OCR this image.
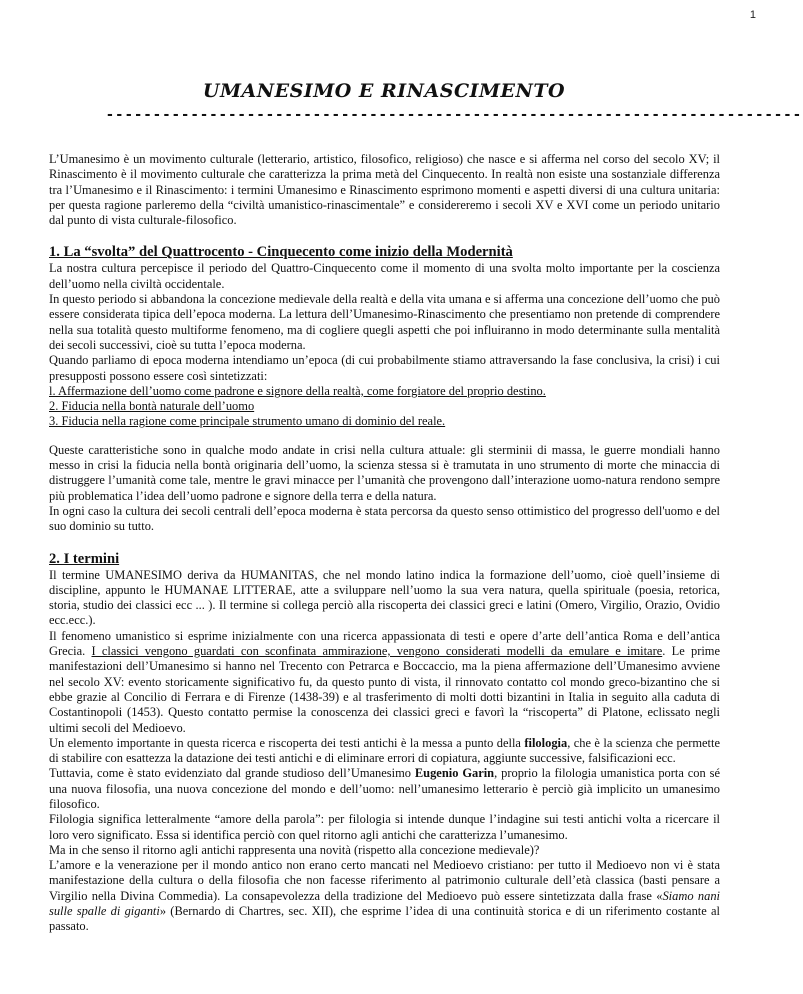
1
UMANESIMO E RINASCIMENTO
--------------------------------------------------------------------------

L’Umanesimo è un movimento culturale (letterario, artistico, filosofico, religioso) che nasce e si afferma nel corso del secolo XV; il Rinascimento è il movimento culturale che caratterizza la prima metà del Cinquecento. In realtà non esiste una sostanziale differenza tra l’Umanesimo e il Rinascimento: i termini Umanesimo e Rinascimento esprimono momenti e aspetti diversi di una cultura unitaria: per questa ragione parleremo della “civiltà umanistico-rinascimentale” e considereremo i secoli XV e XVI come un periodo unitario dal punto di vista culturale-filosofico.

1. La “svolta” del Quattrocento - Cinquecento come inizio della Modernità

La nostra cultura percepisce il periodo del Quattro-Cinquecento come il momento di una svolta molto importante per la coscienza dell’uomo nella civiltà occidentale.

In questo periodo si abbandona la concezione medievale della realtà e della vita umana e si afferma una concezione dell’uomo che può essere considerata tipica dell’epoca moderna. La lettura dell’Umanesimo-Rinascimento che presentiamo non pretende di comprendere nella sua totalità questo multiforme fenomeno, ma di cogliere quegli aspetti che poi influiranno in modo determinante sulla mentalità dei secoli successivi, cioè su tutta l’epoca moderna.

Quando parliamo di epoca moderna intendiamo un’epoca (di cui probabilmente stiamo attraversando la fase conclusiva, la crisi) i cui presupposti possono essere così sintetizzati:

l. Affermazione dell’uomo come padrone e signore della realtà, come forgiatore del proprio destino.

2. Fiducia nella bontà naturale dell’uomo

3. Fiducia nella ragione come principale strumento umano di dominio del reale.

Queste caratteristiche sono in qualche modo andate in crisi nella cultura attuale: gli sterminii di massa, le guerre mondiali hanno messo in crisi la fiducia nella bontà originaria dell’uomo, la scienza stessa si è tramutata in uno strumento di morte che minaccia di distruggere l’umanità come tale, mentre le gravi minacce per l’umanità che provengono dall’interazione uomo-natura rendono sempre più problematica l’idea dell’uomo padrone e signore della terra e della natura.

In ogni caso la cultura dei secoli centrali dell’epoca moderna è stata percorsa da questo senso ottimistico del progresso dell'uomo e del suo dominio su tutto.

2. I termini

Il termine UMANESIMO deriva da HUMANITAS, che nel mondo latino indica la formazione dell’uomo, cioè quell’insieme di discipline, appunto le HUMANAE LITTERAE, atte a sviluppare nell’uomo la sua vera natura, quella spirituale (poesia, retorica, storia, studio dei classici ecc ... ). Il termine si collega perciò alla riscoperta dei classici greci e latini (Omero, Virgilio, Orazio, Ovidio ecc.ecc.).

Il fenomeno umanistico si esprime inizialmente con una ricerca appassionata di testi e opere d’arte dell’antica Roma e dell’antica Grecia. I classici vengono guardati con sconfinata ammirazione, vengono considerati modelli da emulare e imitare. Le prime manifestazioni dell’Umanesimo si hanno nel Trecento con Petrarca e Boccaccio, ma la piena affermazione dell’Umanesimo avviene nel secolo XV: evento storicamente significativo fu, da questo punto di vista, il rinnovato contatto col mondo greco-bizantino che si ebbe grazie al Concilio di Ferrara e di Firenze (1438-39) e al trasferimento di molti dotti bizantini in Italia in seguito alla caduta di Costantinopoli (1453). Questo contatto permise la conoscenza dei classici greci e favorì la “riscoperta” di Platone, eclissato negli ultimi secoli del Medioevo.

Un elemento importante in questa ricerca e riscoperta dei testi antichi è la messa a punto della filologia, che è la scienza che permette di stabilire con esattezza la datazione dei testi antichi e di eliminare errori di copiatura, aggiunte successive, falsificazioni ecc.

Tuttavia, come è stato evidenziato dal grande studioso dell’Umanesimo Eugenio Garin, proprio la filologia umanistica porta con sé una nuova filosofia, una nuova concezione del mondo e dell’uomo: nell’umanesimo letterario è perciò già implicito un umanesimo filosofico.

Filologia significa letteralmente “amore della parola”: per filologia si intende dunque l’indagine sui testi antichi volta a ricercare il loro vero significato. Essa si identifica perciò con quel ritorno agli antichi che caratterizza l’umanesimo.

Ma in che senso il ritorno agli antichi rappresenta una novità (rispetto alla concezione medievale)?

L’amore e la venerazione per il mondo antico non erano certo mancati nel Medioevo cristiano: per tutto il Medioevo non vi è stata manifestazione della cultura o della filosofia che non facesse riferimento al patrimonio culturale dell’età classica (basti pensare a Virgilio nella Divina Commedia). La consapevolezza della tradizione del Medioevo può essere sintetizzata dalla frase «Siamo nani sulle spalle di giganti» (Bernardo di Chartres, sec. XII), che esprime l’idea di una continuità storica e di un riferimento costante al passato.
